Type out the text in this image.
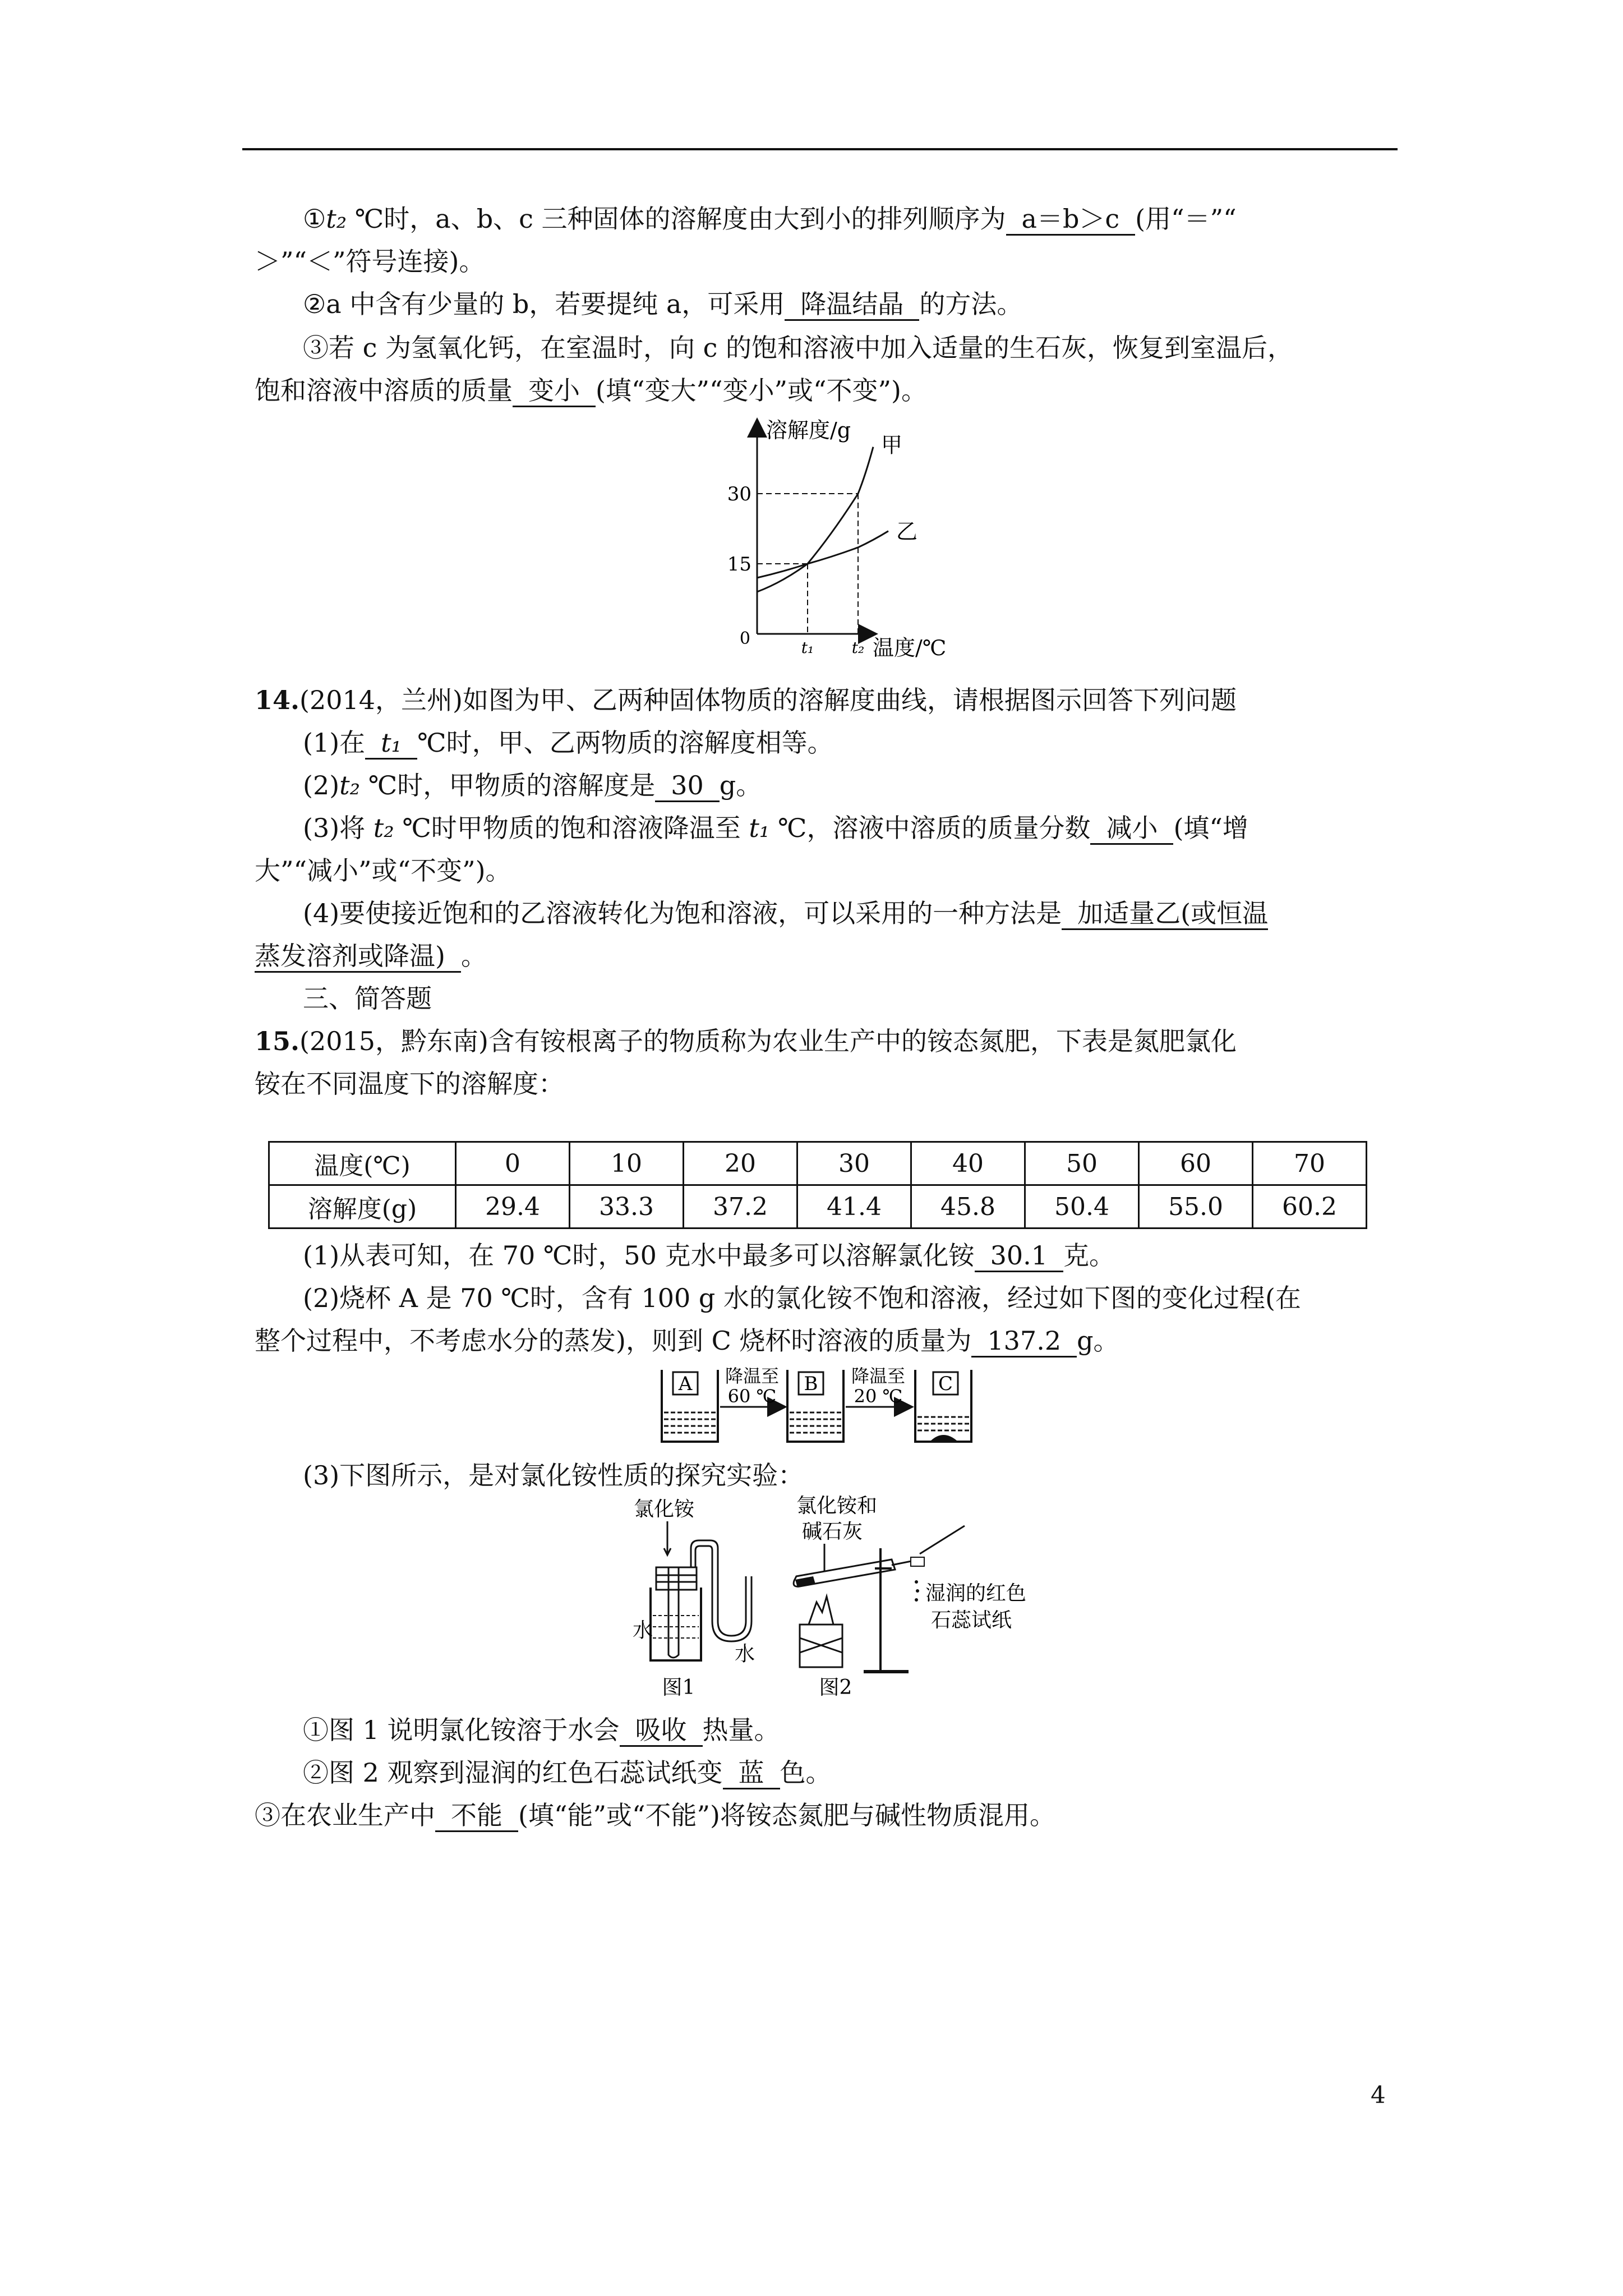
①t₂ ℃时，a、b、c 三种固体的溶解度由大到小的排列顺序为 a＝b＞c (用“＝”“
＞”“＜”符号连接)。
②a 中含有少量的 b，若要提纯 a，可采用 降温结晶 的方法。
③若 c 为氢氧化钙，在室温时，向 c 的饱和溶液中加入适量的生石灰，恢复到室温后，
饱和溶液中溶质的质量 变小 (填“变大”“变小”或“不变”)。
甲
乙
15
30
t₁ t₂
溶解度/g
温度/℃
0
14.(2014，兰州)如图为甲、乙两种固体物质的溶解度曲线，请根据图示回答下列问题
(1)在 t₁ ℃时，甲、乙两物质的溶解度相等。
(2)t₂ ℃时，甲物质的溶解度是 30 g。
(3)将 t₂ ℃时甲物质的饱和溶液降温至 t₁ ℃，溶液中溶质的质量分数 减小 (填“增
大”“减小”或“不变”)。
(4)要使接近饱和的乙溶液转化为饱和溶液，可以采用的一种方法是 加适量乙(或恒温
蒸发溶剂或降温) 。
三、简答题
15.(2015，黔东南)含有铵根离子的物质称为农业生产中的铵态氮肥，下表是氮肥氯化
铵在不同温度下的溶解度：
温度(℃)	0	10	20	30	40	50	60	70
溶解度(g)	29.4	33.3	37.2	41.4	45.8	50.4	55.0	60.2
(1)从表可知，在 70 ℃时，50 克水中最多可以溶解氯化铵 30.1 克。
(2)烧杯 A 是 70 ℃时，含有 100 g 水的氯化铵不饱和溶液，经过如下图的变化过程(在
整个过程中，不考虑水分的蒸发)，则到 C 烧杯时溶液的质量为 137.2 g。
A 降温至
60 ℃
B 降温至
20 ℃
C
(3)下图所示，是对氯化铵性质的探究实验：
氯化铵
水
水
图1
氯化铵和
碱石灰
湿润的红色
石蕊试纸
图2
①图 1 说明氯化铵溶于水会 吸收 热量。
②图 2 观察到湿润的红色石蕊试纸变 蓝 色。
③在农业生产中 不能 (填“能”或“不能”)将铵态氮肥与碱性物质混用。
4
